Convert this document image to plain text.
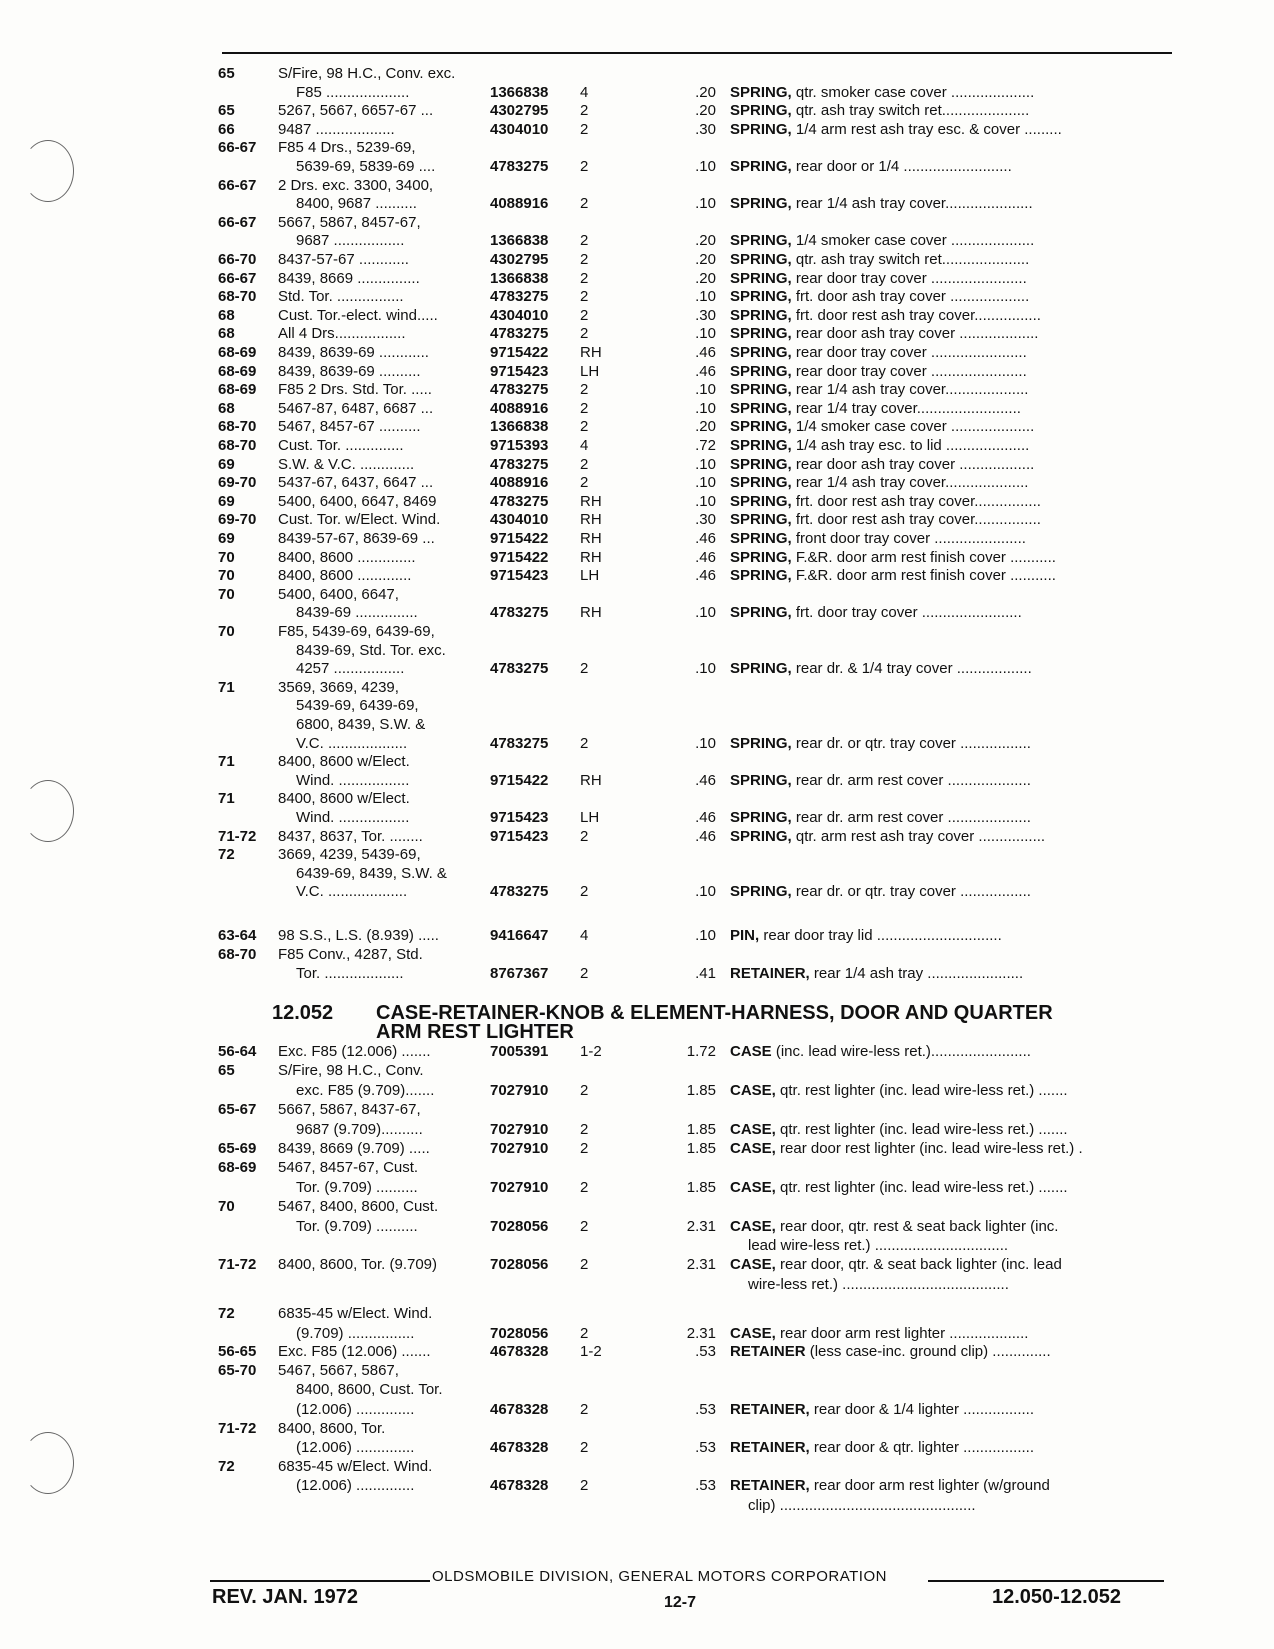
65	S/Fire, 98 H.C., Conv. exc.
F85 ....................	1366838 4	.20 SPRING, qtr. smoker case cover ....................
65	5267, 5667, 6657-67 ...	4302795 2	.20 SPRING, qtr. ash tray switch ret.....................
66	9487 ...................	4304010 2	.30 SPRING, 1/4 arm rest ash tray esc. & cover .........
66-67 F85 4 Drs., 5239-69,
5639-69, 5839-69 ....	4783275 2	.10 SPRING, rear door or 1/4 ..........................
66-67 2 Drs. exc. 3300, 3400,
8400, 9687 ..........	4088916 2	.10 SPRING, rear 1/4 ash tray cover.....................
66-67 5667, 5867, 8457-67,
9687 .................	1366838 2	.20 SPRING, 1/4 smoker case cover ....................
66-70 8437-57-67 ............	4302795 2	.20 SPRING, qtr. ash tray switch ret.....................
66-67 8439, 8669 ...............	1366838 2	.20 SPRING, rear door tray cover .......................
68-70 Std. Tor. ................	4783275 2	.10 SPRING, frt. door ash tray cover ...................
68	Cust. Tor.-elect. wind.....	4304010 2	.30 SPRING, frt. door rest ash tray cover................
68	All 4 Drs.................	4783275 2	.10 SPRING, rear door ash tray cover ...................
68-69 8439, 8639-69 ............	9715422 RH	.46 SPRING, rear door tray cover .......................
68-69 8439, 8639-69 ..........	9715423 LH	.46 SPRING, rear door tray cover .......................
68-69 F85 2 Drs. Std. Tor. .....	4783275 2	.10 SPRING, rear 1/4 ash tray cover....................
68	5467-87, 6487, 6687 ...	4088916 2	.10 SPRING, rear 1/4 tray cover.........................
68-70 5467, 8457-67 ..........	1366838 2	.20 SPRING, 1/4 smoker case cover ....................
68-70 Cust. Tor. ..............	9715393 4	.72 SPRING, 1/4 ash tray esc. to lid ....................
69	S.W. & V.C. .............	4783275 2	.10 SPRING, rear door ash tray cover ..................
69-70 5437-67, 6437, 6647 ...	4088916 2	.10 SPRING, rear 1/4 ash tray cover....................
69	5400, 6400, 6647, 8469	4783275 RH	.10 SPRING, frt. door rest ash tray cover................
69-70 Cust. Tor. w/Elect. Wind.	4304010 RH	.30 SPRING, frt. door rest ash tray cover................
69	8439-57-67, 8639-69 ...	9715422 RH	.46 SPRING, front door tray cover ......................
70	8400, 8600 ..............	9715422 RH	.46 SPRING, F.&R. door arm rest finish cover ...........
70	8400, 8600 .............	9715423 LH	.46 SPRING, F.&R. door arm rest finish cover ...........
70	5400, 6400, 6647,
8439-69 ...............	4783275 RH	.10 SPRING, frt. door tray cover ........................
70	F85, 5439-69, 6439-69,
8439-69, Std. Tor. exc.
4257 .................	4783275 2	.10 SPRING, rear dr. & 1/4 tray cover ..................
71	3569, 3669, 4239,
5439-69, 6439-69,
6800, 8439, S.W. &
V.C. ...................	4783275 2	.10 SPRING, rear dr. or qtr. tray cover .................
71	8400, 8600 w/Elect.
Wind. .................	9715422 RH	.46 SPRING, rear dr. arm rest cover ....................
71	8400, 8600 w/Elect.
Wind. .................	9715423 LH	.46 SPRING, rear dr. arm rest cover ....................
71-72 8437, 8637, Tor. ........	9715423 2	.46 SPRING, qtr. arm rest ash tray cover ................
72	3669, 4239, 5439-69,
6439-69, 8439, S.W. &
V.C. ...................	4783275 2	.10 SPRING, rear dr. or qtr. tray cover .................
63-64 98 S.S., L.S. (8.939) .....	9416647 4	.10 PIN, rear door tray lid ..............................
68-70 F85 Conv., 4287, Std.
Tor. ...................	8767367 2	.41 RETAINER, rear 1/4 ash tray .......................
12.052 CASE-RETAINER-KNOB & ELEMENT-HARNESS, DOOR AND QUARTER
ARM REST LIGHTER
56-64 Exc. F85 (12.006) .......	7005391 1-2	1.72 CASE (inc. lead wire-less ret.)........................
65	S/Fire, 98 H.C., Conv.
exc. F85 (9.709).......	7027910 2	1.85 CASE, qtr. rest lighter (inc. lead wire-less ret.) .......
65-67 5667, 5867, 8437-67,
9687 (9.709)..........	7027910 2	1.85 CASE, qtr. rest lighter (inc. lead wire-less ret.) .......
65-69 8439, 8669 (9.709) .....	7027910 2	1.85 CASE, rear door rest lighter (inc. lead wire-less ret.) .
68-69 5467, 8457-67, Cust.
Tor. (9.709) ..........	7027910 2	1.85 CASE, qtr. rest lighter (inc. lead wire-less ret.) .......
70	5467, 8400, 8600, Cust.
Tor. (9.709) ..........	7028056 2	2.31 CASE, rear door, qtr. rest & seat back lighter (inc.
lead wire-less ret.) ................................
71-72 8400, 8600, Tor. (9.709)	7028056 2	2.31 CASE, rear door, qtr. & seat back lighter (inc. lead
wire-less ret.) ........................................
72	6835-45 w/Elect. Wind.
(9.709) ................	7028056 2	2.31 CASE, rear door arm rest lighter ...................
56-65 Exc. F85 (12.006) .......	4678328 1-2	.53 RETAINER (less case-inc. ground clip) ..............
65-70 5467, 5667, 5867,
8400, 8600, Cust. Tor.
(12.006) ..............	4678328 2	.53 RETAINER, rear door & 1/4 lighter .................
71-72 8400, 8600, Tor.
(12.006) ..............	4678328 2	.53 RETAINER, rear door & qtr. lighter .................
72	6835-45 w/Elect. Wind.
(12.006) ..............	4678328 2	.53 RETAINER, rear door arm rest lighter (w/ground
clip) ...............................................
OLDSMOBILE DIVISION, GENERAL MOTORS CORPORATION
REV. JAN. 1972	12-7	12.050-12.052
